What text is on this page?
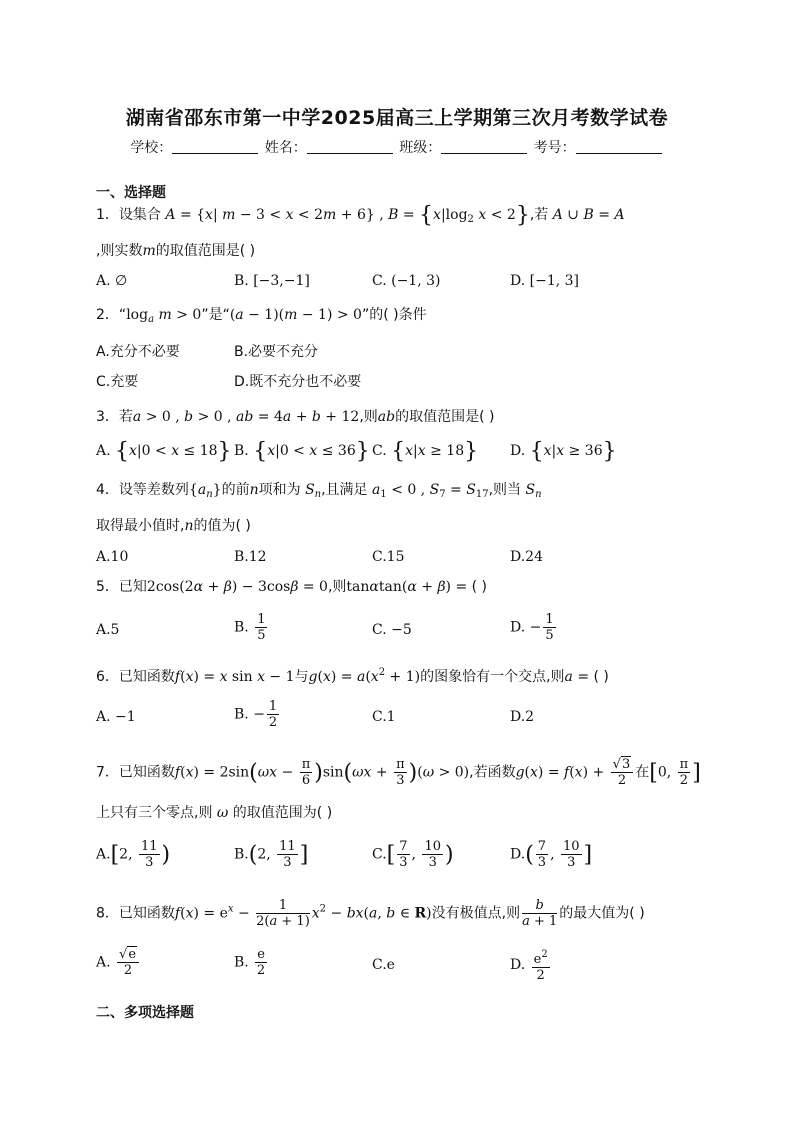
湖南省邵东市第一中学2025届高三上学期第三次月考数学试卷
学校：	姓名：	班级：	考号：
一、选择题
1．设集合 A = {x| m − 3 < x < 2m + 6} , $B = \{x|\log_2$ x < 2},若 A ∪ B = A
,则实数m的取值范围是( )
A. ∅	B. [−3,−1]	C. (−1, 3)	D. [−1, 3]
2．“$\log_a$ m > 0”是“(a − 1)(m − 1) > 0”的( )条件
A.充分不必要	B.必要不充分
C.充要	D.既不充分也不必要
3．若a > 0 , b > 0 , ab = 4a + b + 12,则ab的取值范围是( )
A. {x|0 < x ≤ 18} B. {x|0 < x ≤ 36} C. {x|x ≥ 18} D. {x|x ≥ 36}
4．设等差数列$\{a_n\}$的前n项和为 $S_n$,且满足 $a_1 < 0$ , $S_7 = S_{17}$,则当 $S_n$
取得最小值时,n的值为( )
A.10	B.12	C.15	D.24
5．已知2cos(2α + β) − 3cosβ = 0,则tanαtan(α + β) = ( )
A.5	B. $\frac{1}{5}$	C. −5	D. − $\frac{1}{5}$
6．已知函数f(x) = x sin x − 1与$g(x) = a(x^2 + 1)$的图象恰有一个交点,则a = ( )
A. −1	B. − $\frac{1}{2}$	C.1	D.2
7．已知函数$f(x) = 2\sin(\omega x - \frac{\pi}{6} )\sin(\omega x + \frac{\pi}{3} )(\omega > 0)$,若函数$g(x) = f(x) + \frac{√3}{2}$ 在[0, $\frac{\pi}{2}$ ]
上只有三个零点,则 ω 的取值范围为( )
A.[2, $\frac{11}{3}$ )	B.(2, $\frac{11}{3}$ ]	$C.[ \frac{7}{3}$ , $\frac{10}{3}$ )	$D.( \frac{7}{3}$ , $\frac{10}{3}$ ]
8．已知函数$f(x) = e^x - \frac{1}{2(a + 1)} x^2 - bx(a$, b ∈ R)没有极值点,则 $\frac{b}{a + 1}$ 的最大值为( )
A. $\frac{√e}{2}$	B. $\frac{e}{2}$	C.e	D. $\frac{e^2}{2}$
二、多项选择题
